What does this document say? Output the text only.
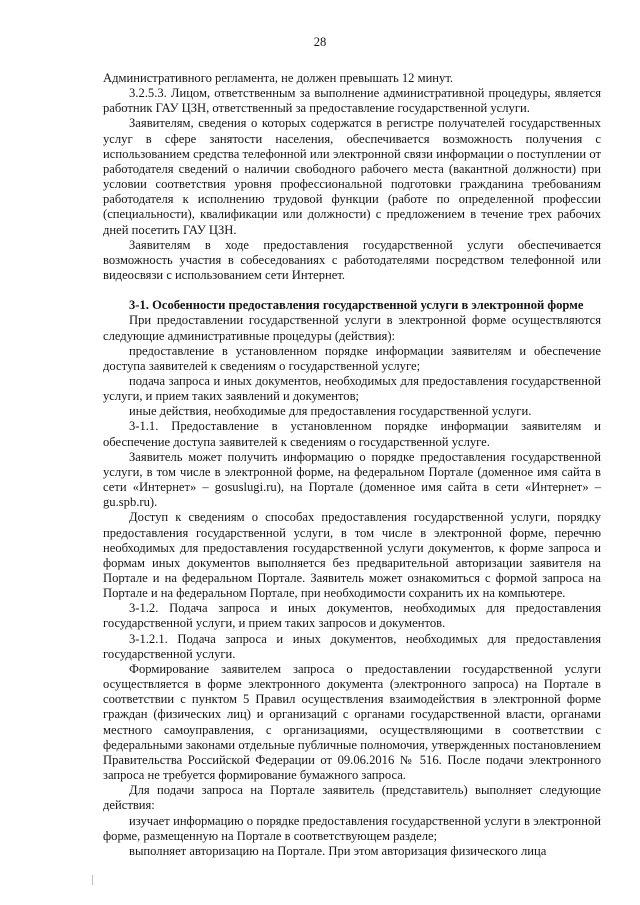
28

Административного регламента, не должен превышать 12 минут.

3.2.5.3. Лицом, ответственным за выполнение административной процедуры, является работник ГАУ ЦЗН, ответственный за предоставление государственной услуги.

Заявителям, сведения о которых содержатся в регистре получателей государственных услуг в сфере занятости населения, обеспечивается возможность получения с использованием средства телефонной или электронной связи информации о поступлении от работодателя сведений о наличии свободного рабочего места (вакантной должности) при условии соответствия уровня профессиональной подготовки гражданина требованиям работодателя к исполнению трудовой функции (работе по определенной профессии (специальности), квалификации или должности) с предложением в течение трех рабочих дней посетить ГАУ ЦЗН.

Заявителям в ходе предоставления государственной услуги обеспечивается возможность участия в собеседованиях с работодателями посредством телефонной или видеосвязи с использованием сети Интернет.

3-1. Особенности предоставления государственной услуги в электронной форме

При предоставлении государственной услуги в электронной форме осуществляются следующие административные процедуры (действия):

предоставление в установленном порядке информации заявителям и обеспечение доступа заявителей к сведениям о государственной услуге;

подача запроса и иных документов, необходимых для предоставления государственной услуги, и прием таких заявлений и документов;

иные действия, необходимые для предоставления государственной услуги.

3-1.1. Предоставление в установленном порядке информации заявителям и обеспечение доступа заявителей к сведениям о государственной услуге.

Заявитель может получить информацию о порядке предоставления государственной услуги, в том числе в электронной форме, на федеральном Портале (доменное имя сайта в сети «Интернет» – gosuslugi.ru), на Портале (доменное имя сайта в сети «Интернет» – gu.spb.ru).

Доступ к сведениям о способах предоставления государственной услуги, порядку предоставления государственной услуги, в том числе в электронной форме, перечню необходимых для предоставления государственной услуги документов, к форме запроса и формам иных документов выполняется без предварительной авторизации заявителя на Портале и на федеральном Портале. Заявитель может ознакомиться с формой запроса на Портале и на федеральном Портале, при необходимости сохранить их на компьютере.

3-1.2. Подача запроса и иных документов, необходимых для предоставления государственной услуги, и прием таких запросов и документов.

3-1.2.1. Подача запроса и иных документов, необходимых для предоставления государственной услуги.

Формирование заявителем запроса о предоставлении государственной услуги осуществляется в форме электронного документа (электронного запроса) на Портале в соответствии с пунктом 5 Правил осуществления взаимодействия в электронной форме граждан (физических лиц) и организаций с органами государственной власти, органами местного самоуправления, с организациями, осуществляющими в соответствии с федеральными законами отдельные публичные полномочия, утвержденных постановлением Правительства Российской Федерации от 09.06.2016 № 516. После подачи электронного запроса не требуется формирование бумажного запроса.

Для подачи запроса на Портале заявитель (представитель) выполняет следующие действия:

изучает информацию о порядке предоставления государственной услуги в электронной форме, размещенную на Портале в соответствующем разделе;

выполняет авторизацию на Портале. При этом авторизация физического лица
